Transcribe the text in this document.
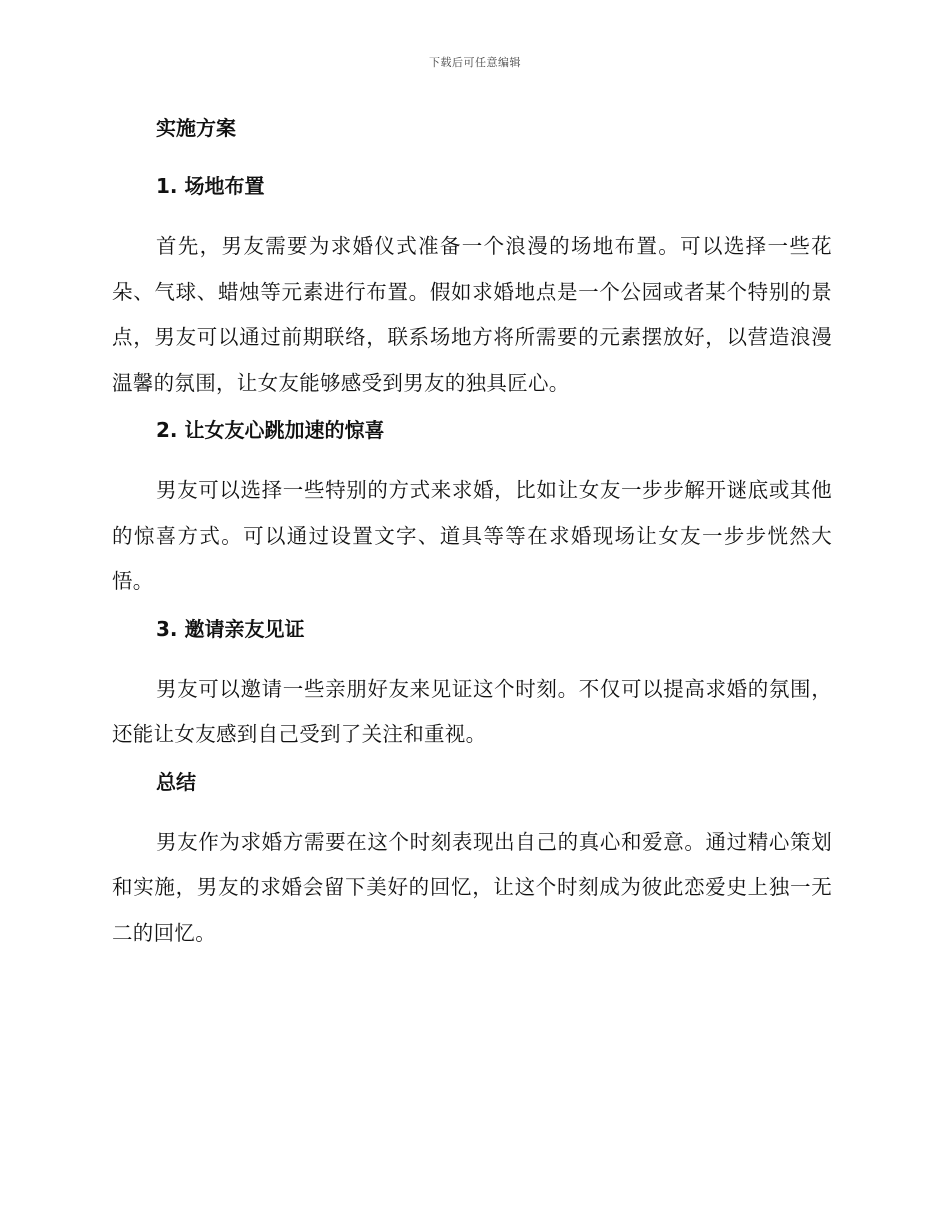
下载后可任意编辑
实施方案
1. 场地布置

首先，男友需要为求婚仪式准备一个浪漫的场地布置。可以选择一些花朵、气球、蜡烛等元素进行布置。假如求婚地点是一个公园或者某个特别的景点，男友可以通过前期联络，联系场地方将所需要的元素摆放好，以营造浪漫温馨的氛围，让女友能够感受到男友的独具匠心。

2. 让女友心跳加速的惊喜

男友可以选择一些特别的方式来求婚，比如让女友一步步解开谜底或其他的惊喜方式。可以通过设置文字、道具等等在求婚现场让女友一步步恍然大悟。

3. 邀请亲友见证

男友可以邀请一些亲朋好友来见证这个时刻。不仅可以提高求婚的氛围，还能让女友感到自己受到了关注和重视。

总结

男友作为求婚方需要在这个时刻表现出自己的真心和爱意。通过精心策划和实施，男友的求婚会留下美好的回忆，让这个时刻成为彼此恋爱史上独一无二的回忆。
